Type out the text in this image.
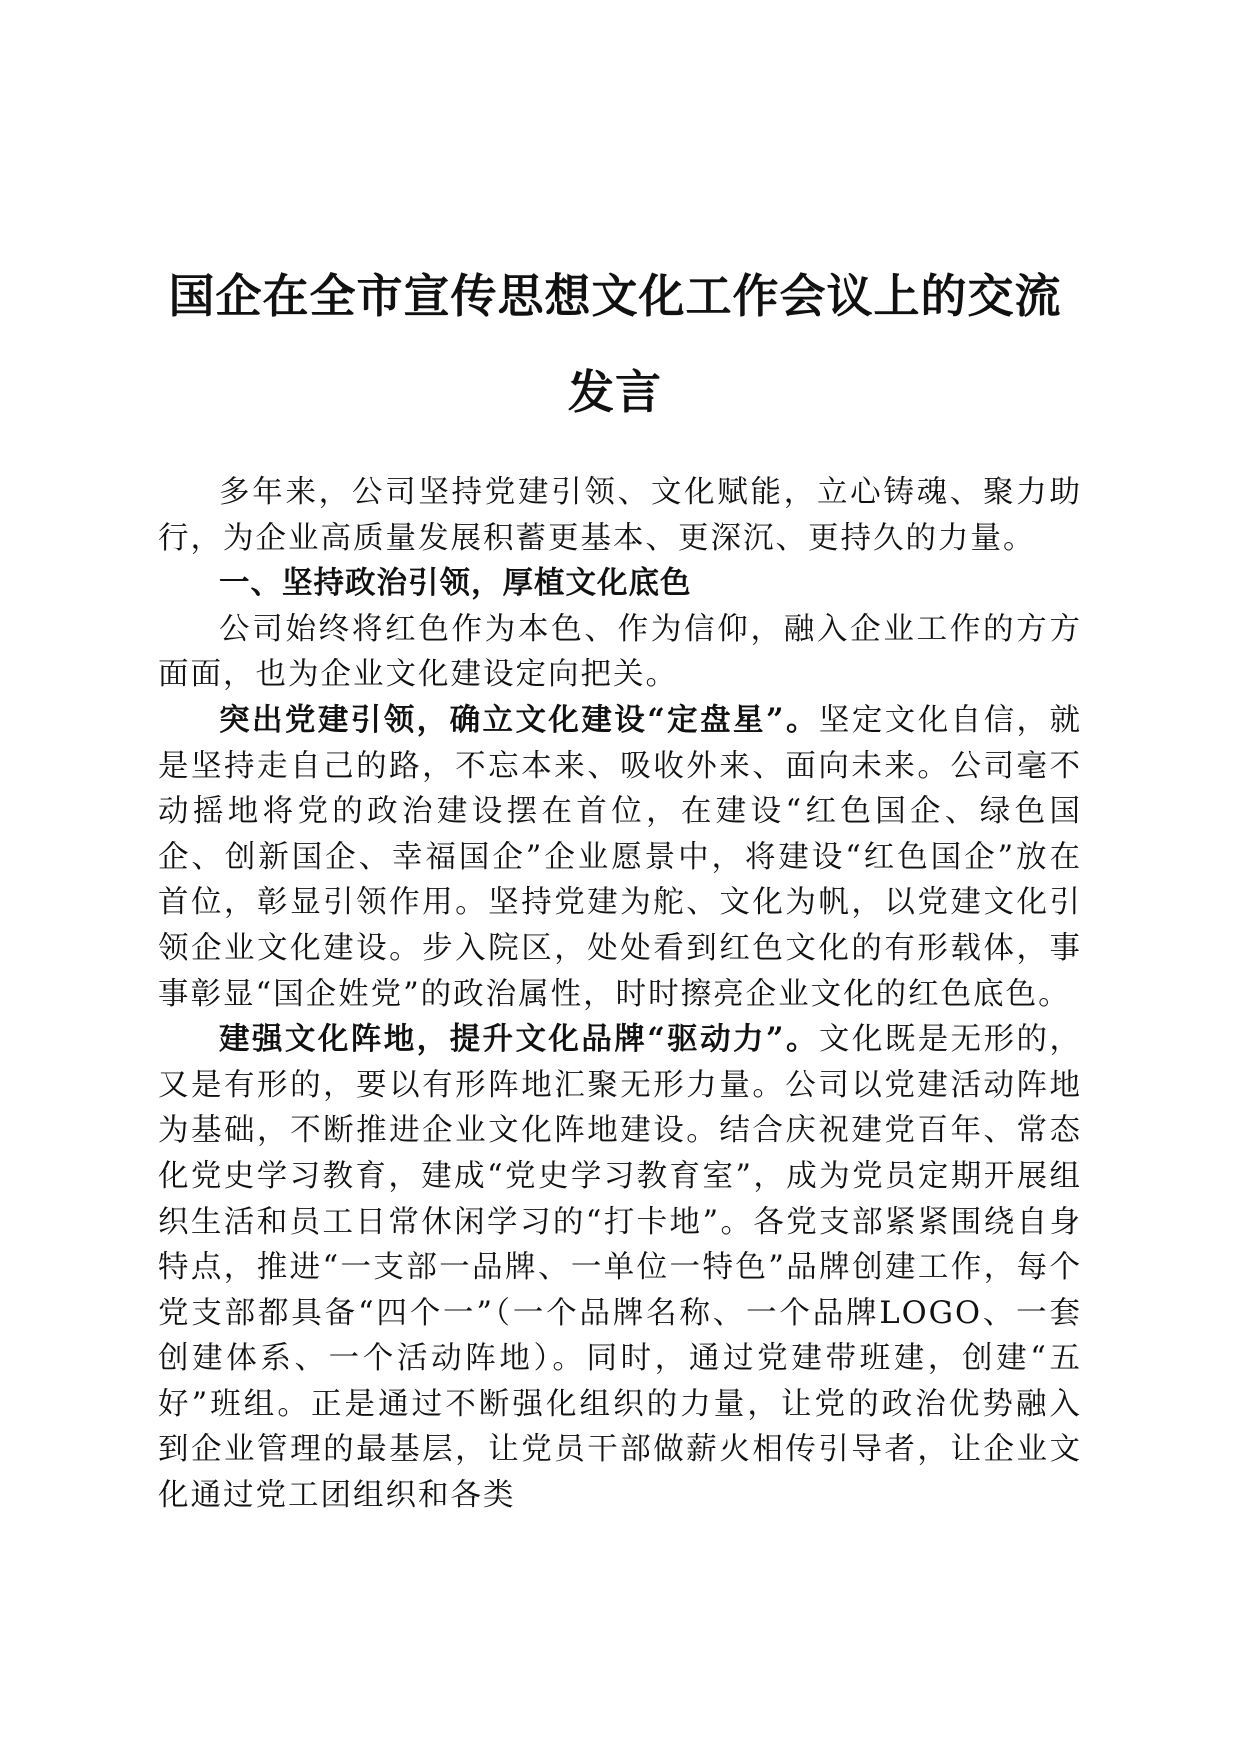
国企在全市宣传思想文化工作会议上的交流发言

多年来，公司坚持党建引领、文化赋能，立心铸魂、聚力助行，为企业高质量发展积蓄更基本、更深沉、更持久的力量。

一、坚持政治引领，厚植文化底色

公司始终将红色作为本色、作为信仰，融入企业工作的方方面面，也为企业文化建设定向把关。

突出党建引领，确立文化建设“定盘星”。坚定文化自信，就是坚持走自己的路，不忘本来、吸收外来、面向未来。公司毫不动摇地将党的政治建设摆在首位，在建设“红色国企、绿色国企、创新国企、幸福国企”企业愿景中，将建设“红色国企”放在首位，彰显引领作用。坚持党建为舵、文化为帆，以党建文化引领企业文化建设。步入院区，处处看到红色文化的有形载体，事事彰显“国企姓党”的政治属性，时时擦亮企业文化的红色底色。

建强文化阵地，提升文化品牌“驱动力”。文化既是无形的，又是有形的，要以有形阵地汇聚无形力量。公司以党建活动阵地为基础，不断推进企业文化阵地建设。结合庆祝建党百年、常态化党史学习教育，建成“党史学习教育室”，成为党员定期开展组织生活和员工日常休闲学习的“打卡地”。各党支部紧紧围绕自身特点，推进“一支部一品牌、一单位一特色”品牌创建工作，每个党支部都具备“四个一”（一个品牌名称、一个品牌LOGO、一套创建体系、一个活动阵地）。同时，通过党建带班建，创建“五好”班组。正是通过不断强化组织的力量，让党的政治优势融入到企业管理的最基层，让党员干部做薪火相传引导者，让企业文化通过党工团组织和各类
